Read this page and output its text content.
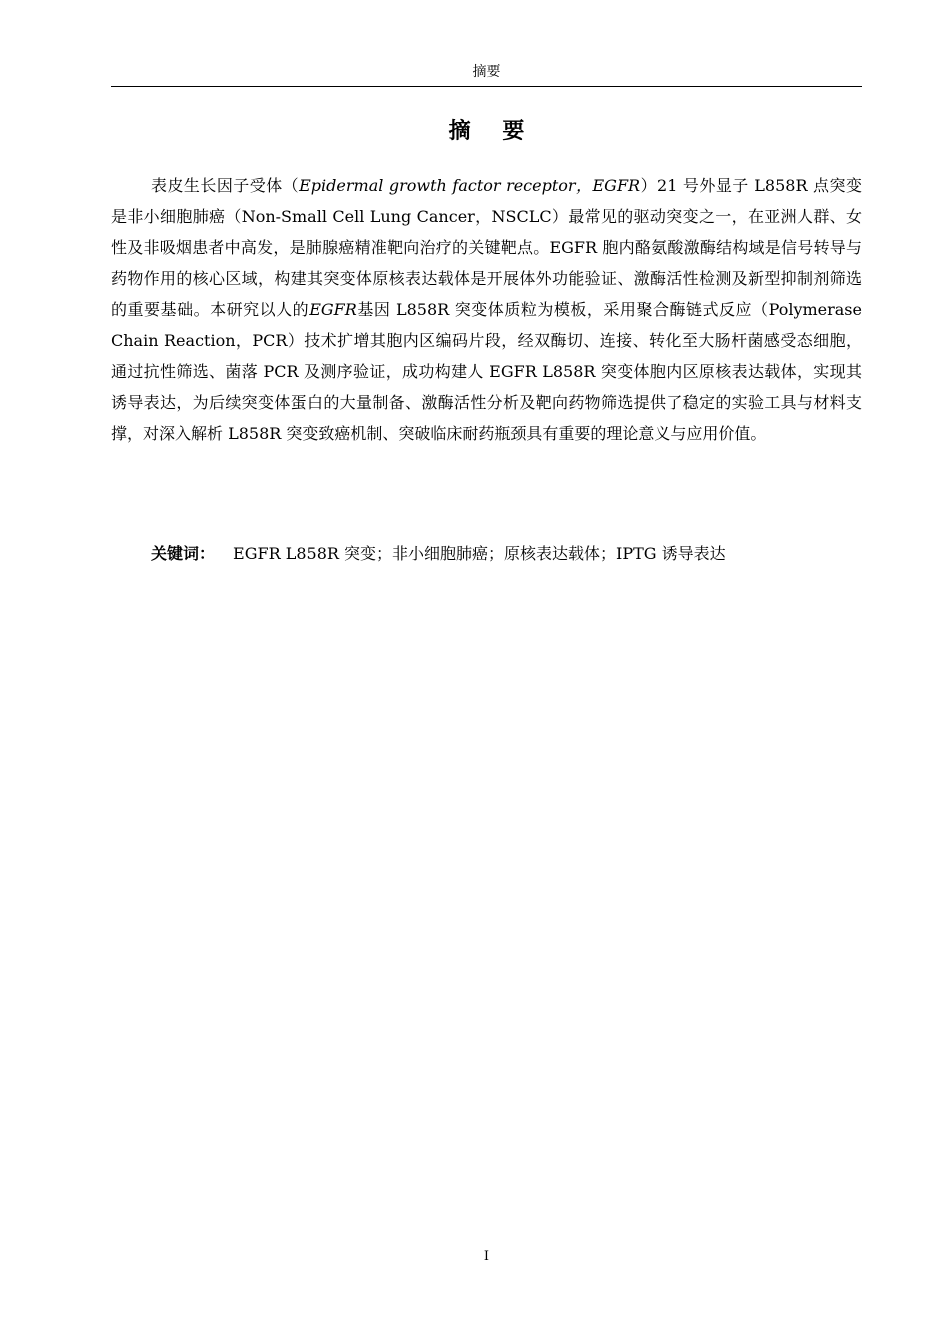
摘要
摘 要

表皮生长因子受体（Epidermal growth factor receptor，EGFR）21 号外显子 L858R 点突变是非小细胞肺癌（Non-Small Cell Lung Cancer，NSCLC）最常见的驱动突变之一，在亚洲人群、女性及非吸烟患者中高发，是肺腺癌精准靶向治疗的关键靶点。EGFR 胞内酪氨酸激酶结构域是信号转导与药物作用的核心区域，构建其突变体原核表达载体是开展体外功能验证、激酶活性检测及新型抑制剂筛选的重要基础。本研究以人的EGFR基因 L858R 突变体质粒为模板，采用聚合酶链式反应（Polymerase Chain Reaction，PCR）技术扩增其胞内区编码片段，经双酶切、连接、转化至大肠杆菌感受态细胞，通过抗性筛选、菌落 PCR 及测序验证，成功构建人 EGFR L858R 突变体胞内区原核表达载体，实现其诱导表达，为后续突变体蛋白的大量制备、激酶活性分析及靶向药物筛选提供了稳定的实验工具与材料支撑，对深入解析 L858R 突变致癌机制、突破临床耐药瓶颈具有重要的理论意义与应用价值。

关键词： EGFR L858R 突变；非小细胞肺癌；原核表达载体；IPTG 诱导表达
I
